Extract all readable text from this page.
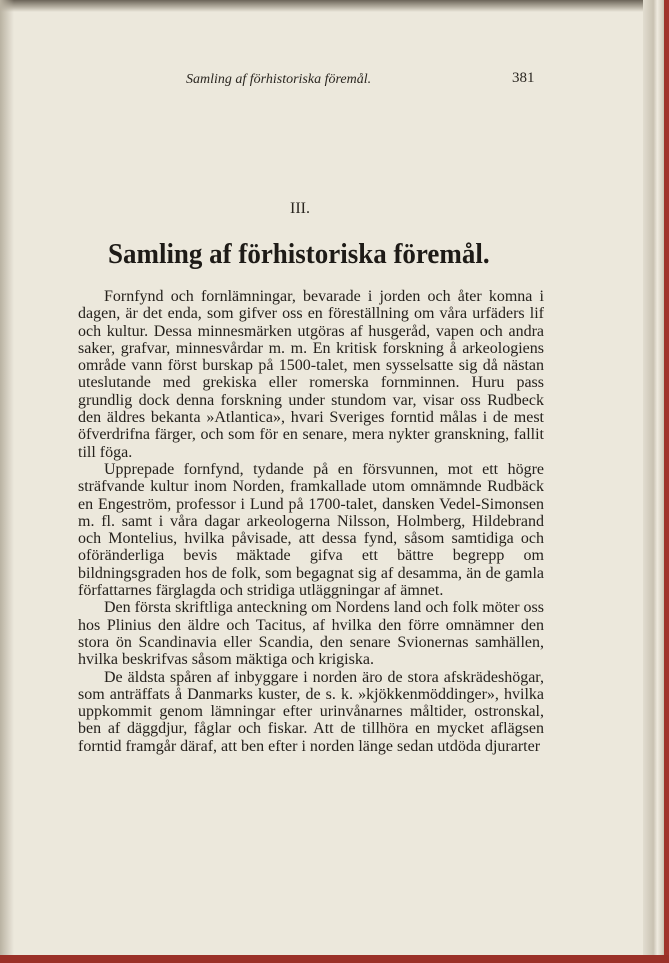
Samling af förhistoriska föremål.	381
III.
Samling af förhistoriska föremål.

Fornfynd och fornlämningar, bevarade i jorden och åter komna i dagen, är det enda, som gifver oss en föreställning om våra urfäders lif och kultur. Dessa minnesmärken utgöras af husgeråd, vapen och andra saker, grafvar, minnesvårdar m. m. En kritisk forskning å arkeologiens område vann först burskap på 1500-talet, men sysselsatte sig då nästan uteslutande med grekiska eller romerska fornminnen. Huru pass grundlig dock denna forskning under stundom var, visar oss Rudbeck den äldres bekanta »Atlantica», hvari Sveriges forntid målas i de mest öfverdrifna färger, och som för en senare, mera nykter granskning, fallit till föga.

Upprepade fornfynd, tydande på en försvunnen, mot ett högre sträfvande kultur inom Norden, framkallade utom omnämnde Rudbäck en Engeström, professor i Lund på 1700-talet, dansken Vedel-Simonsen m. fl. samt i våra dagar arkeologerna Nilsson, Holmberg, Hildebrand och Montelius, hvilka påvisade, att dessa fynd, såsom samtidiga och oföränderliga bevis mäktade gifva ett bättre begrepp om bildningsgraden hos de folk, som begagnat sig af desamma, än de gamla författarnes färglagda och stridiga utläggningar af ämnet.

Den första skriftliga anteckning om Nordens land och folk möter oss hos Plinius den äldre och Tacitus, af hvilka den förre omnämner den stora ön Scandinavia eller Scandia, den senare Svionernas samhällen, hvilka beskrifvas såsom mäktiga och krigiska.

De äldsta spåren af inbyggare i norden äro de stora afskrädeshögar, som anträffats å Danmarks kuster, de s. k. »kjökkenmöddinger», hvilka uppkommit genom lämningar efter urinvånarnes måltider, ostronskal, ben af däggdjur, fåglar och fiskar. Att de tillhöra en mycket aflägsen forntid framgår däraf, att ben efter i norden länge sedan utdöda djurarter
